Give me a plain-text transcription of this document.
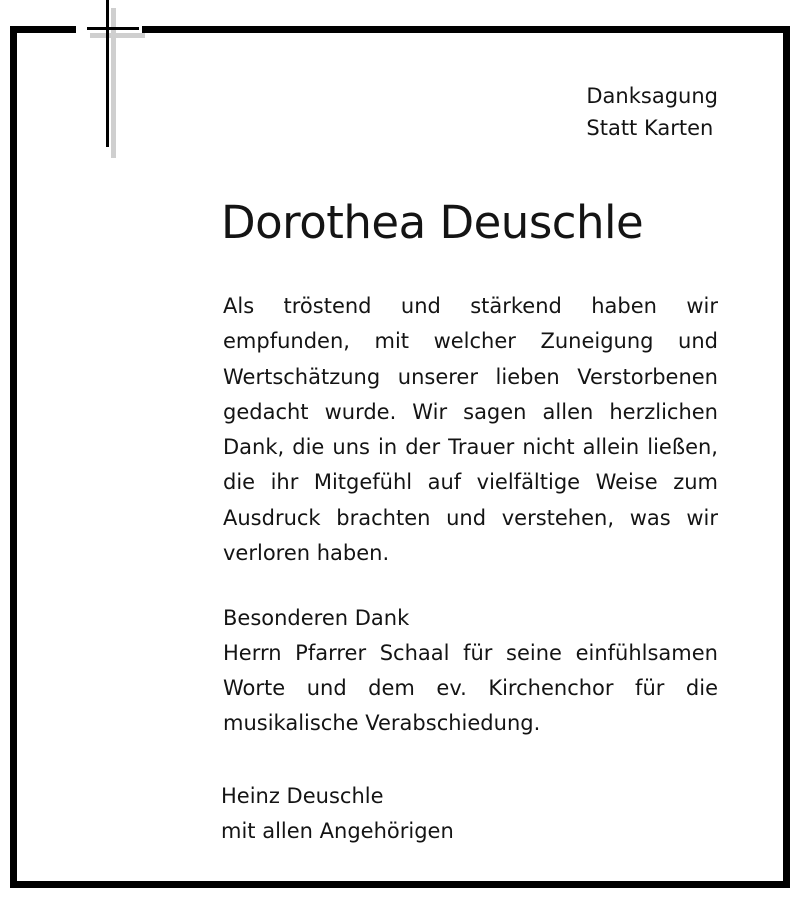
Danksagung
Statt Karten
Dorothea Deuschle

Als tröstend und stärkend haben wir empfunden, mit welcher Zuneigung und Wertschätzung unserer lieben Verstorbenen gedacht wurde. Wir sagen allen herzlichen Dank, die uns in der Trauer nicht allein ließen, die ihr Mitgefühl auf vielfältige Weise zum Ausdruck brachten und verstehen, was wir verloren haben.

Besonderen Dank
Herrn Pfarrer Schaal für seine einfühlsamen Worte und dem ev. Kirchenchor für die musikalische Verabschiedung.
Heinz Deuschle
mit allen Angehörigen
